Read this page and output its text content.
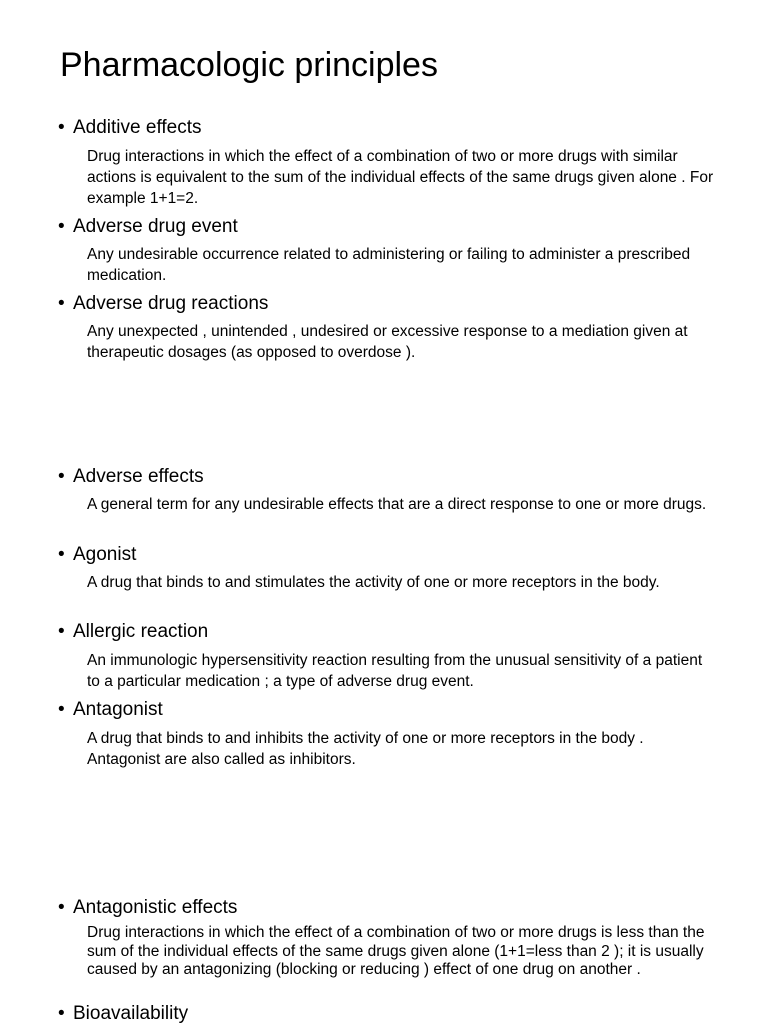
Pharmacologic principles
• Additive effects

Drug interactions in which the effect of a combination of two or more drugs with similar actions is equivalent to the sum of the individual effects of the same drugs given alone . For example 1+1=2.

• Adverse drug event

Any undesirable occurrence related to administering or failing to administer a prescribed medication.

• Adverse drug reactions

Any unexpected , unintended , undesired or excessive response to a mediation given at therapeutic dosages (as opposed to overdose ).

• Adverse effects

A general term for any undesirable effects that are a direct response to one or more drugs.

• Agonist

A drug that binds to and stimulates the activity of one or more receptors in the body.

• Allergic reaction

An immunologic hypersensitivity reaction resulting from the unusual sensitivity of a patient to a particular medication ; a type of adverse drug event.

• Antagonist

A drug that binds to and inhibits the activity of one or more receptors in the body . Antagonist are also called as inhibitors.

• Antagonistic effects

Drug interactions in which the effect of a combination of two or more drugs is less than the sum of the individual effects of the same drugs given alone (1+1=less than 2 ); it is usually caused by an antagonizing (blocking or reducing ) effect of one drug on another .

• Bioavailability
